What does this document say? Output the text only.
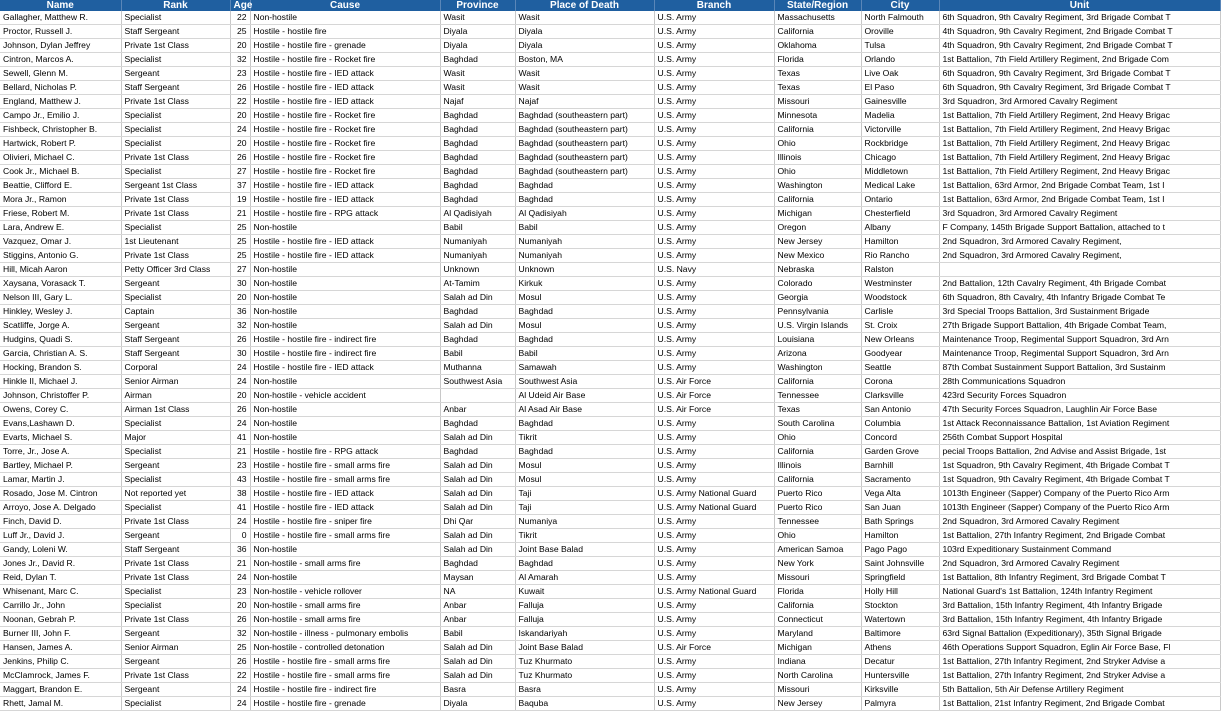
Name	Rank	Age	Cause	Province	Place of Death	Branch	State/Region	City	Unit
Gallagher, Matthew R.	Specialist	22	Non-hostile	Wasit	Wasit	U.S. Army	Massachusetts	North Falmouth	6th Squadron, 9th Cavalry Regiment, 3rd Brigade Combat T
Proctor, Russell J.	Staff Sergeant	25	Hostile - hostile fire	Diyala	Diyala	U.S. Army	California	Oroville	4th Squadron, 9th Cavalry Regiment, 2nd Brigade Combat T
Johnson, Dylan Jeffrey	Private 1st Class	20	Hostile - hostile fire - grenade	Diyala	Diyala	U.S. Army	Oklahoma	Tulsa	4th Squadron, 9th Cavalry Regiment, 2nd Brigade Combat T
Cintron, Marcos A.	Specialist	32	Hostile - hostile fire - Rocket fire	Baghdad	Boston, MA	U.S. Army	Florida	Orlando	1st Battalion, 7th Field Artillery Regiment, 2nd Brigade Com
Sewell, Glenn M.	Sergeant	23	Hostile - hostile fire - IED attack	Wasit	Wasit	U.S. Army	Texas	Live Oak	6th Squadron, 9th Cavalry Regiment, 3rd Brigade Combat T
Bellard, Nicholas P.	Staff Sergeant	26	Hostile - hostile fire - IED attack	Wasit	Wasit	U.S. Army	Texas	El Paso	6th Squadron, 9th Cavalry Regiment, 3rd Brigade Combat T
England, Matthew J.	Private 1st Class	22	Hostile - hostile fire - IED attack	Najaf	Najaf	U.S. Army	Missouri	Gainesville	3rd Squadron, 3rd Armored Cavalry Regiment
Campo Jr., Emilio J.	Specialist	20	Hostile - hostile fire - Rocket fire	Baghdad	Baghdad (southeastern part)	U.S. Army	Minnesota	Madelia	1st Battalion, 7th Field Artillery Regiment, 2nd Heavy Brigac
Fishbeck, Christopher B.	Specialist	24	Hostile - hostile fire - Rocket fire	Baghdad	Baghdad (southeastern part)	U.S. Army	California	Victorville	1st Battalion, 7th Field Artillery Regiment, 2nd Heavy Brigac
Hartwick, Robert P.	Specialist	20	Hostile - hostile fire - Rocket fire	Baghdad	Baghdad (southeastern part)	U.S. Army	Ohio	Rockbridge	1st Battalion, 7th Field Artillery Regiment, 2nd Heavy Brigac
Olivieri, Michael C.	Private 1st Class	26	Hostile - hostile fire - Rocket fire	Baghdad	Baghdad (southeastern part)	U.S. Army	Illinois	Chicago	1st Battalion, 7th Field Artillery Regiment, 2nd Heavy Brigac
Cook Jr., Michael B.	Specialist	27	Hostile - hostile fire - Rocket fire	Baghdad	Baghdad (southeastern part)	U.S. Army	Ohio	Middletown	1st Battalion, 7th Field Artillery Regiment, 2nd Heavy Brigac
Beattie, Clifford E.	Sergeant 1st Class	37	Hostile - hostile fire - IED attack	Baghdad	Baghdad	U.S. Army	Washington	Medical Lake	1st Battalion, 63rd Armor, 2nd Brigade Combat Team, 1st I
Mora Jr., Ramon	Private 1st Class	19	Hostile - hostile fire - IED attack	Baghdad	Baghdad	U.S. Army	California	Ontario	1st Battalion, 63rd Armor, 2nd Brigade Combat Team, 1st I
Friese, Robert M.	Private 1st Class	21	Hostile - hostile fire - RPG attack	Al Qadisiyah	Al Qadisiyah	U.S. Army	Michigan	Chesterfield	3rd Squadron, 3rd Armored Cavalry Regiment
Lara, Andrew E.	Specialist	25	Non-hostile	Babil	Babil	U.S. Army	Oregon	Albany	F Company, 145th Brigade Support Battalion, attached to t
Vazquez, Omar J.	1st Lieutenant	25	Hostile - hostile fire - IED attack	Numaniyah	Numaniyah	U.S. Army	New Jersey	Hamilton	2nd Squadron, 3rd Armored Cavalry Regiment,
Stiggins, Antonio G.	Private 1st Class	25	Hostile - hostile fire - IED attack	Numaniyah	Numaniyah	U.S. Army	New Mexico	Rio Rancho	2nd Squadron, 3rd Armored Cavalry Regiment,
Hill, Micah Aaron	Petty Officer 3rd Class	27	Non-hostile	Unknown	Unknown	U.S. Navy	Nebraska	Ralston	
Xaysana, Vorasack T.	Sergeant	30	Non-hostile	At-Tamim	Kirkuk	U.S. Army	Colorado	Westminster	2nd Battalion, 12th Cavalry Regiment, 4th Brigade Combat
Nelson III, Gary L.	Specialist	20	Non-hostile	Salah ad Din	Mosul	U.S. Army	Georgia	Woodstock	6th Squadron, 8th Cavalry, 4th Infantry Brigade Combat Te
Hinkley, Wesley J.	Captain	36	Non-hostile	Baghdad	Baghdad	U.S. Army	Pennsylvania	Carlisle	3rd Special Troops Battalion, 3rd Sustainment Brigade
Scatliffe, Jorge A.	Sergeant	32	Non-hostile	Salah ad Din	Mosul	U.S. Army	U.S. Virgin Islands	St. Croix	27th Brigade Support Battalion, 4th Brigade Combat Team,
Hudgins, Quadi S.	Staff Sergeant	26	Hostile - hostile fire - indirect fire	Baghdad	Baghdad	U.S. Army	Louisiana	New Orleans	Maintenance Troop, Regimental Support Squadron, 3rd Arn
Garcia, Christian A. S.	Staff Sergeant	30	Hostile - hostile fire - indirect fire	Babil	Babil	U.S. Army	Arizona	Goodyear	Maintenance Troop, Regimental Support Squadron, 3rd Arn
Hocking, Brandon S.	Corporal	24	Hostile - hostile fire - IED attack	Muthanna	Samawah	U.S. Army	Washington	Seattle	87th Combat Sustainment Support Battalion, 3rd Sustainm
Hinkle II, Michael J.	Senior Airman	24	Non-hostile	Southwest Asia	Southwest Asia	U.S. Air Force	California	Corona	28th Communications Squadron
Johnson, Christoffer P.	Airman	20	Non-hostile - vehicle accident		Al Udeid Air Base	U.S. Air Force	Tennessee	Clarksville	423rd Security Forces Squadron
Owens, Corey C.	Airman 1st Class	26	Non-hostile	Anbar	Al Asad Air Base	U.S. Air Force	Texas	San Antonio	47th Security Forces Squadron, Laughlin Air Force Base
Evans,Lashawn D.	Specialist	24	Non-hostile	Baghdad	Baghdad	U.S. Army	South Carolina	Columbia	1st Attack Reconnaissance Battalion, 1st Aviation Regiment
Evarts, Michael S.	Major	41	Non-hostile	Salah ad Din	Tikrit	U.S. Army	Ohio	Concord	256th Combat Support Hospital
Torre, Jr., Jose A.	Specialist	21	Hostile - hostile fire - RPG attack	Baghdad	Baghdad	U.S. Army	California	Garden Grove	pecial Troops Battalion, 2nd Advise and Assist Brigade, 1st
Bartley, Michael P.	Sergeant	23	Hostile - hostile fire - small arms fire	Salah ad Din	Mosul	U.S. Army	Illinois	Barnhill	1st Squadron, 9th Cavalry Regiment, 4th Brigade Combat T
Lamar, Martin J.	Specialist	43	Hostile - hostile fire - small arms fire	Salah ad Din	Mosul	U.S. Army	California	Sacramento	1st Squadron, 9th Cavalry Regiment, 4th Brigade Combat T
Rosado, Jose M. Cintron	Not reported yet	38	Hostile - hostile fire - IED attack	Salah ad Din	Taji	U.S. Army National Guard	Puerto Rico	Vega Alta	1013th Engineer (Sapper) Company of the Puerto Rico Arm
Arroyo, Jose A. Delgado	Specialist	41	Hostile - hostile fire - IED attack	Salah ad Din	Taji	U.S. Army National Guard	Puerto Rico	San Juan	1013th Engineer (Sapper) Company of the Puerto Rico Arm
Finch, David D.	Private 1st Class	24	Hostile - hostile fire - sniper fire	Dhi Qar	Numaniya	U.S. Army	Tennessee	Bath Springs	2nd Squadron, 3rd Armored Cavalry Regiment
Luff Jr., David J.	Sergeant	0	Hostile - hostile fire - small arms fire	Salah ad Din	Tikrit	U.S. Army	Ohio	Hamilton	1st Battalion, 27th Infantry Regiment, 2nd Brigade Combat
Gandy, Loleni W.	Staff Sergeant	36	Non-hostile	Salah ad Din	Joint Base Balad	U.S. Army	American Samoa	Pago Pago	103rd Expeditionary Sustainment Command
Jones Jr., David R.	Private 1st Class	21	Non-hostile - small arms fire	Baghdad	Baghdad	U.S. Army	New York	Saint Johnsville	2nd Squadron, 3rd Armored Cavalry Regiment
Reid, Dylan T.	Private 1st Class	24	Non-hostile	Maysan	Al Amarah	U.S. Army	Missouri	Springfield	1st Battalion, 8th Infantry Regiment, 3rd Brigade Combat T
Whisenant, Marc C.	Specialist	23	Non-hostile - vehicle rollover	NA	Kuwait	U.S. Army National Guard	Florida	Holly Hill	National Guard's 1st Battalion, 124th Infantry Regiment
Carrillo Jr., John	Specialist	20	Non-hostile - small arms fire	Anbar	Falluja	U.S. Army	California	Stockton	3rd Battalion, 15th Infantry Regiment, 4th Infantry Brigade
Noonan, Gebrah P.	Private 1st Class	26	Non-hostile - small arms fire	Anbar	Falluja	U.S. Army	Connecticut	Watertown	3rd Battalion, 15th Infantry Regiment, 4th Infantry Brigade
Burner III, John F.	Sergeant	32	Non-hostile - illness - pulmonary embolis	Babil	Iskandariyah	U.S. Army	Maryland	Baltimore	63rd Signal Battalion (Expeditionary), 35th Signal Brigade
Hansen, James A.	Senior Airman	25	Non-hostile - controlled detonation	Salah ad Din	Joint Base Balad	U.S. Air Force	Michigan	Athens	46th Operations Support Squadron, Eglin Air Force Base, Fl
Jenkins, Philip C.	Sergeant	26	Hostile - hostile fire - small arms fire	Salah ad Din	Tuz Khurmato	U.S. Army	Indiana	Decatur	1st Battalion, 27th Infantry Regiment, 2nd Stryker Advise a
McClamrock, James F.	Private 1st Class	22	Hostile - hostile fire - small arms fire	Salah ad Din	Tuz Khurmato	U.S. Army	North Carolina	Huntersville	1st Battalion, 27th Infantry Regiment, 2nd Stryker Advise a
Maggart, Brandon E.	Sergeant	24	Hostile - hostile fire - indirect fire	Basra	Basra	U.S. Army	Missouri	Kirksville	5th Battalion, 5th Air Defense Artillery Regiment
Rhett, Jamal M.	Specialist	24	Hostile - hostile fire - grenade	Diyala	Baquba	U.S. Army	New Jersey	Palmyra	1st Battalion, 21st Infantry Regiment, 2nd Brigade Combat
